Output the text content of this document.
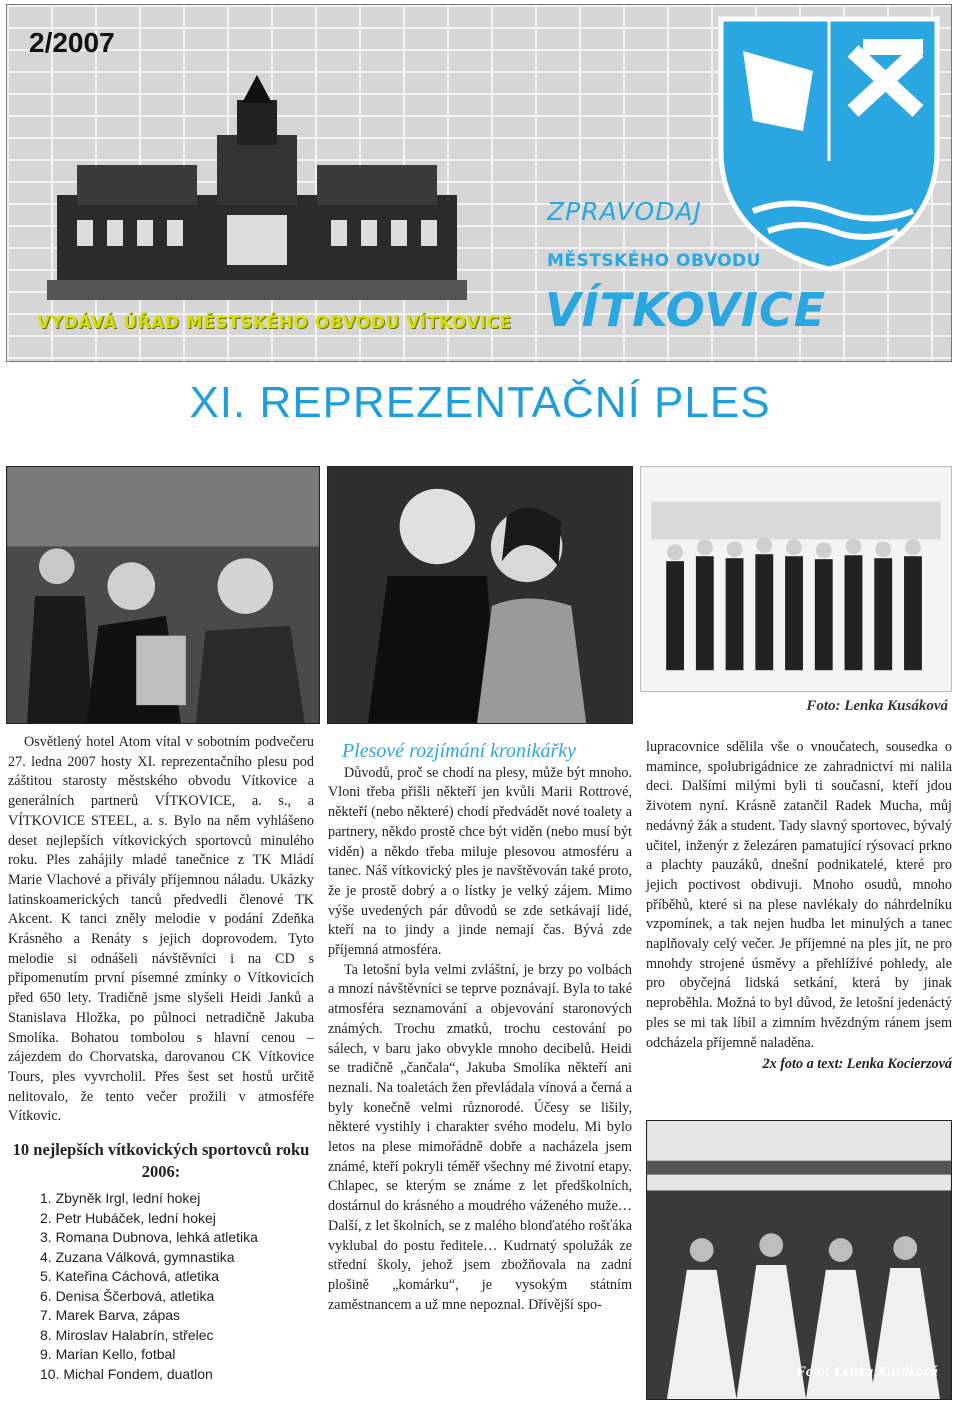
2/2007
VYDÁVÁ ÚŘAD MĚSTSKÉHO OBVODU VÍTKOVICE
ZPRAVODAJ
MĚSTSKÉHO OBVODU
VÍTKOVICE
XI. REPREZENTAČNÍ PLES
Foto: Lenka Kusáková

Osvětlený hotel Atom vítal v sobotním podvečeru 27. ledna 2007 hosty XI. reprezentačního plesu pod záštitou starosty městského obvodu Vítkovice a generálních partnerů VÍTKOVICE, a. s., a VÍTKOVICE STEEL, a. s. Bylo na něm vyhlášeno deset nejlepších vítkovických sportovců minulého roku. Ples zahájily mladé tanečnice z TK Mládí Marie Vlachové a přivály příjemnou náladu. Ukázky latinskoamerických tanců předvedli členové TK Akcent. K tanci zněly melodie v podání Zdeňka Krásného a Renáty s jejich doprovodem. Tyto melodie si odnášeli návštěvníci i na CD s připomenutím první písemné zmínky o Vítkovicích před 650 lety. Tradičně jsme slyšeli Heidi Janků a Stanislava Hložka, po půlnoci netradičně Jakuba Smolíka. Bohatou tombolou s hlavní cenou – zájezdem do Chorvatska, darovanou CK Vítkovice Tours, ples vyvrcholil. Přes šest set hostů určitě nelitovalo, že tento večer prožili v atmosféře Vítkovic.

10 nejlepších vítkovických sportovců roku 2006:
1. Zbyněk Irgl, lední hokej
2. Petr Hubáček, lední hokej
3. Romana Dubnova, lehká atletika
4. Zuzana Válková, gymnastika
5. Kateřina Cáchová, atletika
6. Denisa Ščerbová, atletika
7. Marek Barva, zápas
8. Miroslav Halabrín, střelec
9. Marian Kello, fotbal
10. Michal Fondem, duatlon
Plesové rozjímání kronikářky

Důvodů, proč se chodí na plesy, může být mnoho. Vloni třeba přišli někteří jen kvůli Marii Rottrové, někteří (nebo některé) chodí předvádět nové toalety a partnery, někdo prostě chce být viděn (nebo musí být viděn) a někdo třeba miluje plesovou atmosféru a tanec. Náš vítkovický ples je navštěvován také proto, že je prostě dobrý a o lístky je velký zájem. Mimo výše uvedených pár důvodů se zde setkávají lidé, kteří na to jindy a jinde nemají čas. Bývá zde příjemná atmosféra.

Ta letošní byla velmi zvláštní, je brzy po volbách a mnozí návštěvníci se teprve poznávají. Byla to také atmosféra seznamování a objevování staronových známých. Trochu zmatků, trochu cestování po sálech, v baru jako obvykle mnoho decibelů. Heidi se tradičně „čančala“, Jakuba Smolíka někteří ani neznali. Na toaletách žen převládala vínová a černá a byly konečně velmi různorodé. Účesy se lišily, některé vystihly i charakter svého modelu. Mi bylo letos na plese mimořádně dobře a nacházela jsem známé, kteří pokryli téměř všechny mé životní etapy. Chlapec, se kterým se známe z let předškolních, dostárnul do krásného a moudrého váženého muže… Další, z let školních, se z malého blonďatého rošťáka vyklubal do postu ředitele… Kudrnatý spolužák ze střední školy, jehož jsem zbožňovala na zadní plošině „komárku“, je vysokým státním zaměstnancem a už mne nepoznal. Dřívější spo-

lupracovnice sdělila vše o vnoučatech, sousedka o mamince, spolubrigádnice ze zahradnictví mi nalila deci. Dalšími milými byli ti současní, kteří jdou životem nyní. Krásně zatančil Radek Mucha, můj nedávný žák a student. Tady slavný sportovec, bývalý učitel, inženýr z železáren pamatující rýsovací prkno a plachty pauzáků, dnešní podnikatelé, které pro jejich poctivost obdivuji. Mnoho osudů, mnoho příběhů, které si na plese navlékaly do náhrdelníku vzpomínek, a tak nejen hudba let minulých a tanec naplňovaly celý večer. Je příjemné na ples jít, ne pro mnohdy strojené úsměvy a přehlížívé pohledy, ale pro obyčejná lidská setkání, která by jinak neproběhla. Možná to byl důvod, že letošní jedenáctý ples se mi tak líbil a zimním hvězdným ránem jsem odcházela příjemně naladěna.

2x foto a text: Lenka Kocierzová
Foto: Lenka Kusáková
